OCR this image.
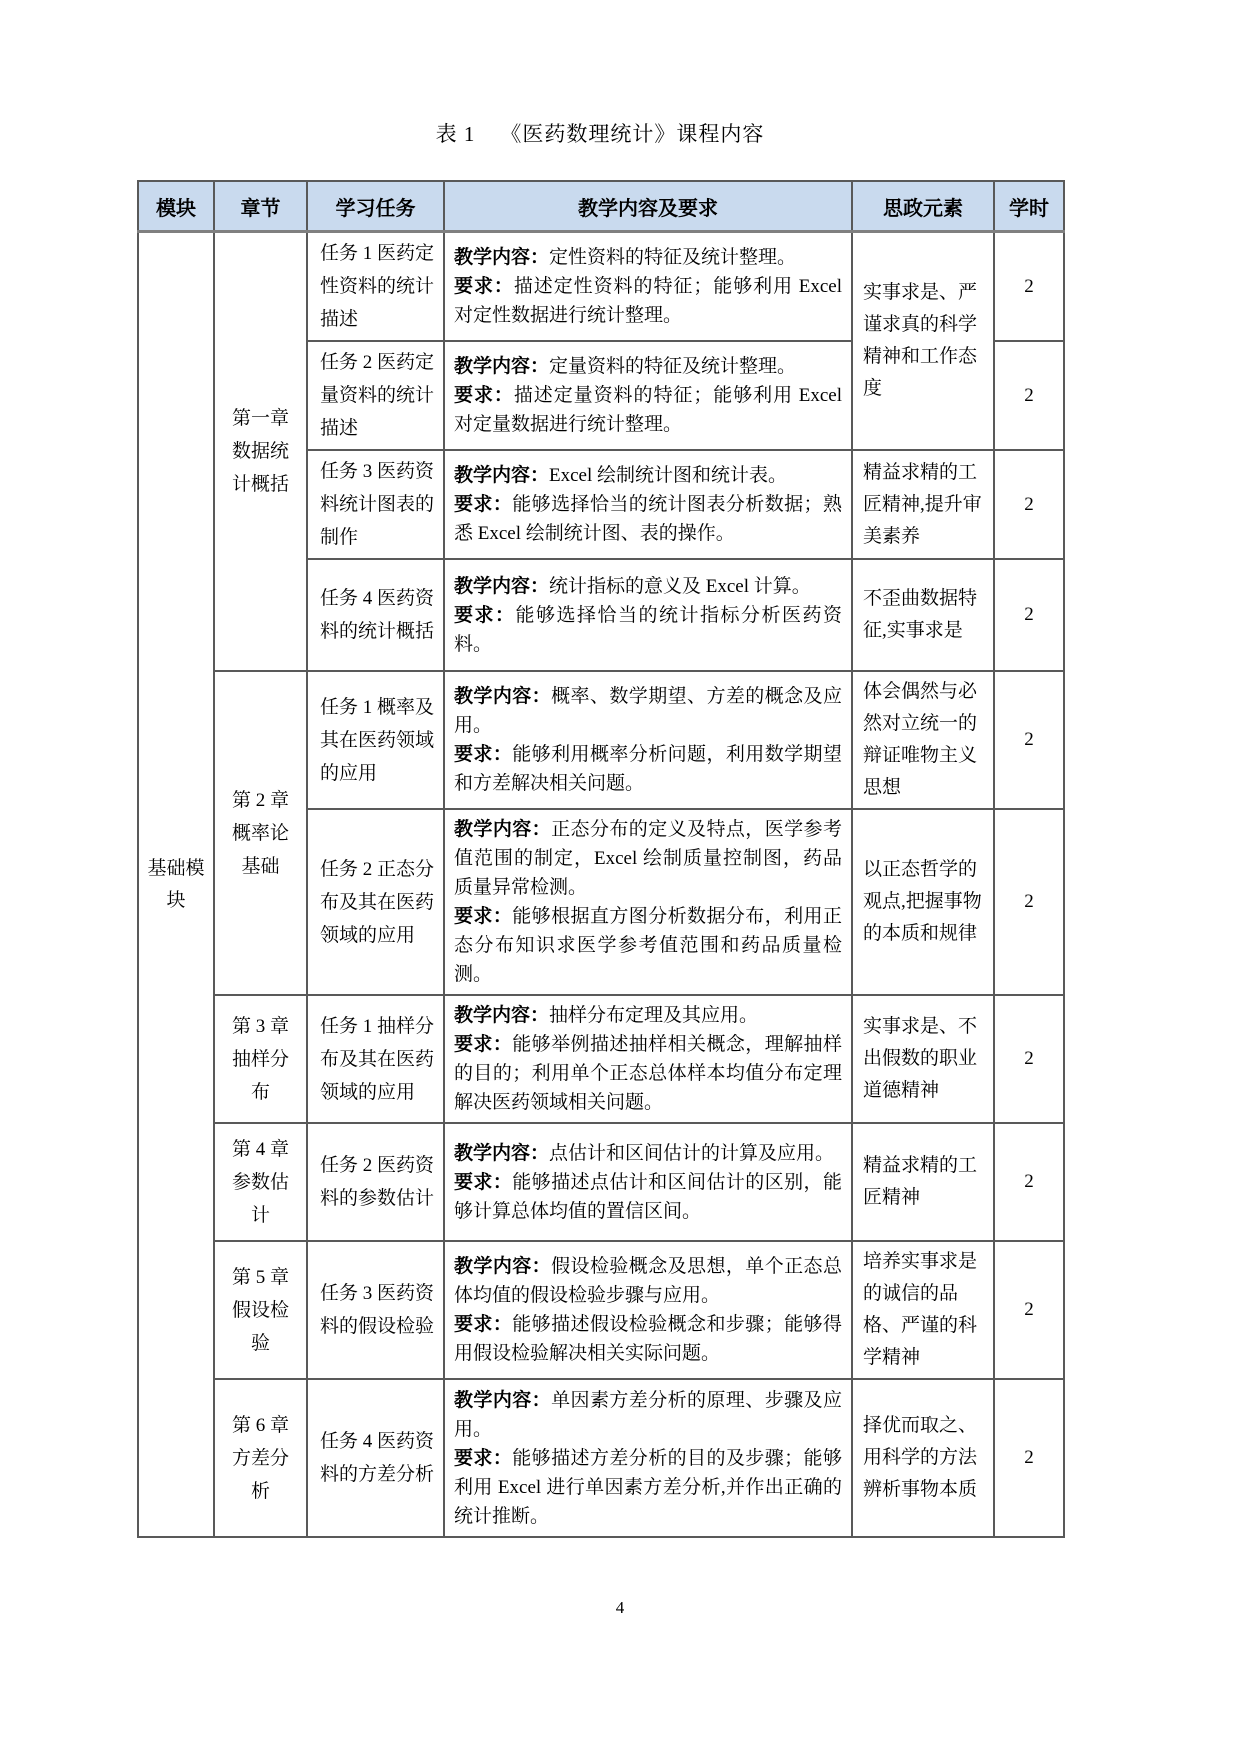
表 1    《医药数理统计》课程内容
模块	章节	学习任务	教学内容及要求	思政元素	学时
基础模块	第一章 数据统计概括	任务 1 医药定性资料的统计描述	教学内容：定性资料的特征及统计整理。

要求：描述定性资料的特征；能够利用 Excel 对定性数据进行统计整理。	实事求是、严谨求真的科学精神和工作态度	2
		任务 2 医药定量资料的统计描述	教学内容：定量资料的特征及统计整理。

要求：描述定量资料的特征；能够利用 Excel 对定量数据进行统计整理。		2
		任务 3 医药资料统计图表的制作	教学内容：Excel 绘制统计图和统计表。

要求：能够选择恰当的统计图表分析数据；熟悉 Excel 绘制统计图、表的操作。	精益求精的工匠精神,提升审美素养	2
		任务 4 医药资料的统计概括	教学内容：统计指标的意义及 Excel 计算。

要求：能够选择恰当的统计指标分析医药资料。	不歪曲数据特征,实事求是	2
	第 2 章 概率论基础	任务 1 概率及其在医药领域的应用	教学内容：概率、数学期望、方差的概念及应用。

要求：能够利用概率分析问题，利用数学期望和方差解决相关问题。	体会偶然与必然对立统一的辩证唯物主义思想	2
		任务 2 正态分布及其在医药领域的应用	教学内容：正态分布的定义及特点，医学参考值范围的制定，Excel 绘制质量控制图，药品质量异常检测。

要求：能够根据直方图分析数据分布，利用正态分布知识求医学参考值范围和药品质量检测。	以正态哲学的观点,把握事物的本质和规律	2
	第 3 章 抽样分布	任务 1 抽样分布及其在医药领域的应用	教学内容：抽样分布定理及其应用。

要求：能够举例描述抽样相关概念，理解抽样的目的；利用单个正态总体样本均值分布定理解决医药领域相关问题。	实事求是、不出假数的职业道德精神	2
	第 4 章 参数估计	任务 2 医药资料的参数估计	教学内容：点估计和区间估计的计算及应用。

要求：能够描述点估计和区间估计的区别，能够计算总体均值的置信区间。	精益求精的工匠精神	2
	第 5 章 假设检验	任务 3 医药资料的假设检验	教学内容：假设检验概念及思想，单个正态总体均值的假设检验步骤与应用。

要求：能够描述假设检验概念和步骤；能够得用假设检验解决相关实际问题。	培养实事求是的诚信的品格、严谨的科学精神	2
	第 6 章 方差分析	任务 4 医药资料的方差分析	教学内容：单因素方差分析的原理、步骤及应用。

要求：能够描述方差分析的目的及步骤；能够利用 Excel 进行单因素方差分析,并作出正确的统计推断。	择优而取之、用科学的方法辨析事物本质	2
4
